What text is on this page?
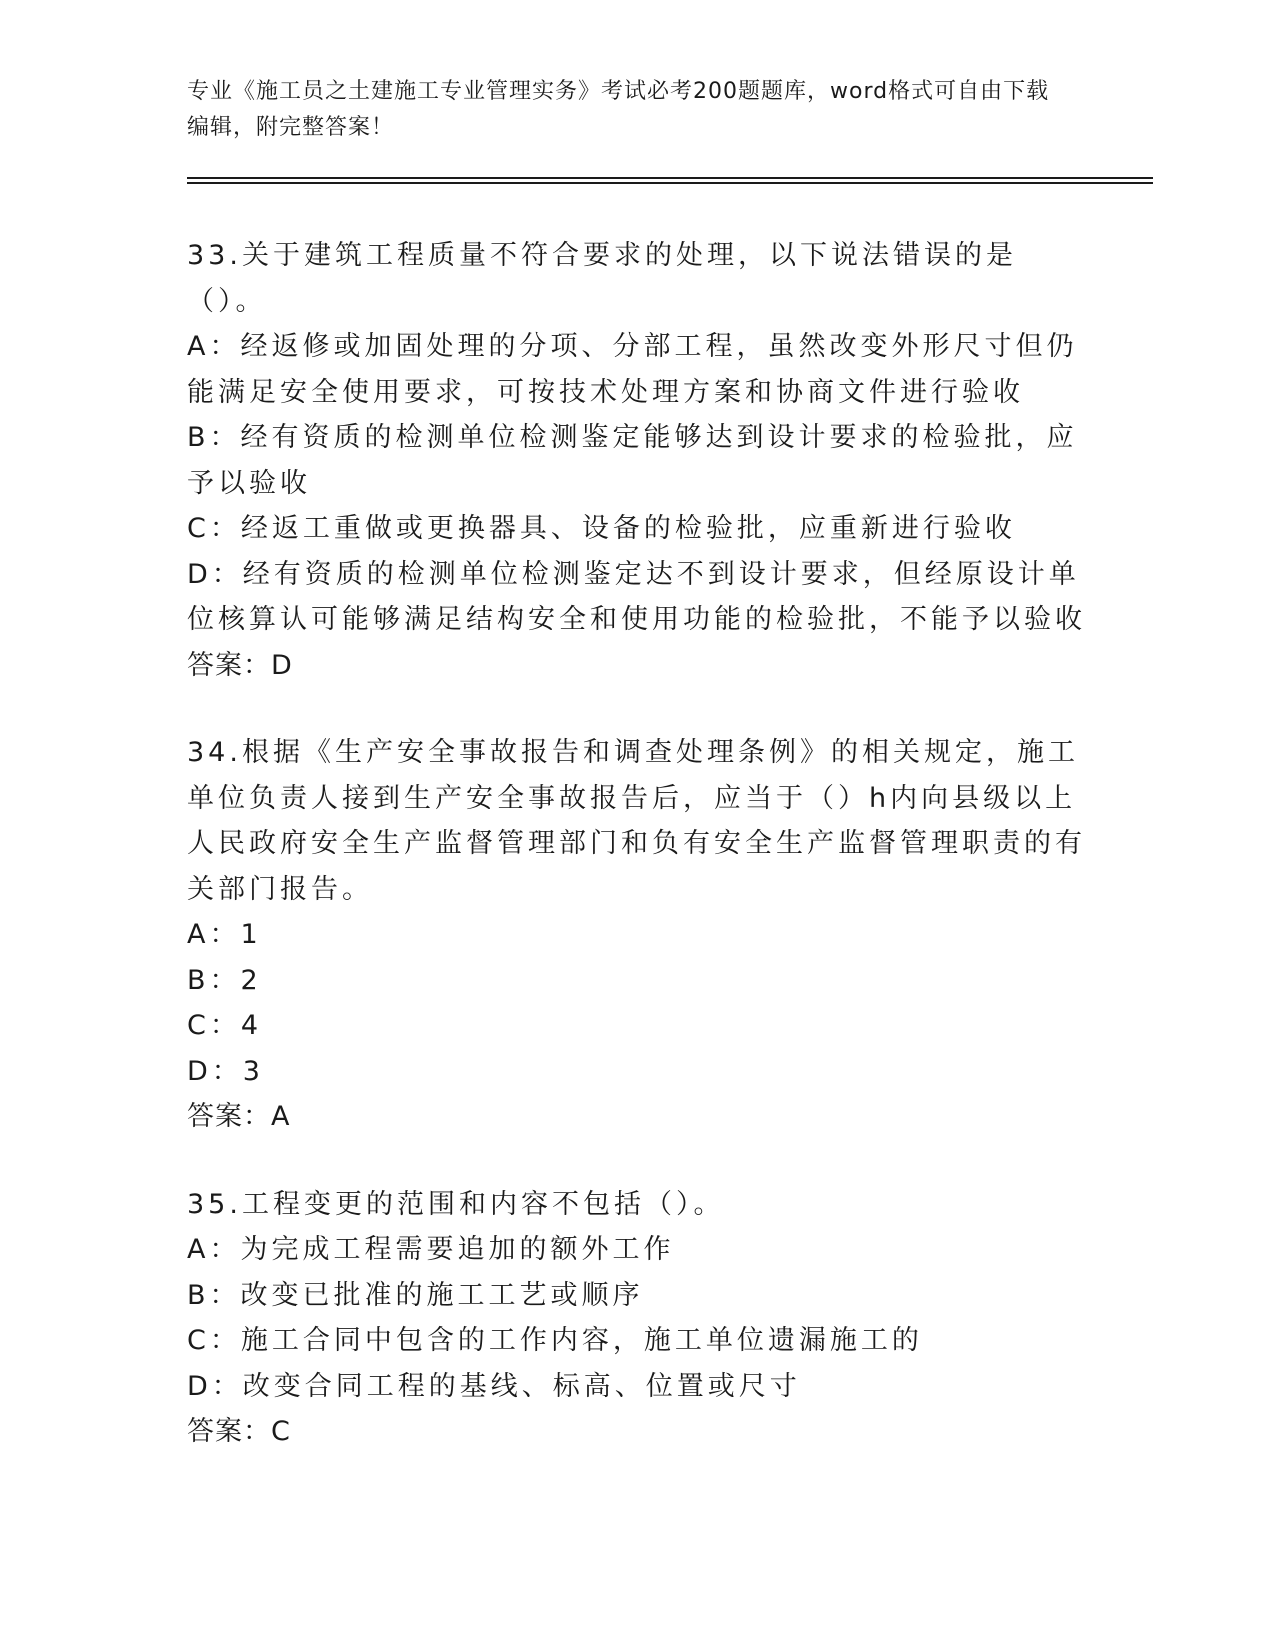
专业《施工员之土建施工专业管理实务》考试必考200题题库，word格式可自由下载编辑，附完整答案！
33.关于建筑工程质量不符合要求的处理，以下说法错误的是（）。
A：经返修或加固处理的分项、分部工程，虽然改变外形尺寸但仍能满足安全使用要求，可按技术处理方案和协商文件进行验收
B：经有资质的检测单位检测鉴定能够达到设计要求的检验批，应予以验收
C：经返工重做或更换器具、设备的检验批，应重新进行验收
D：经有资质的检测单位检测鉴定达不到设计要求，但经原设计单位核算认可能够满足结构安全和使用功能的检验批，不能予以验收
答案：D
34.根据《生产安全事故报告和调查处理条例》的相关规定，施工单位负责人接到生产安全事故报告后，应当于（）h内向县级以上人民政府安全生产监督管理部门和负有安全生产监督管理职责的有关部门报告。
A：1
B：2
C：4
D：3
答案：A
35.工程变更的范围和内容不包括（）。
A：为完成工程需要追加的额外工作
B：改变已批准的施工工艺或顺序
C：施工合同中包含的工作内容，施工单位遗漏施工的
D：改变合同工程的基线、标高、位置或尺寸
答案：C
